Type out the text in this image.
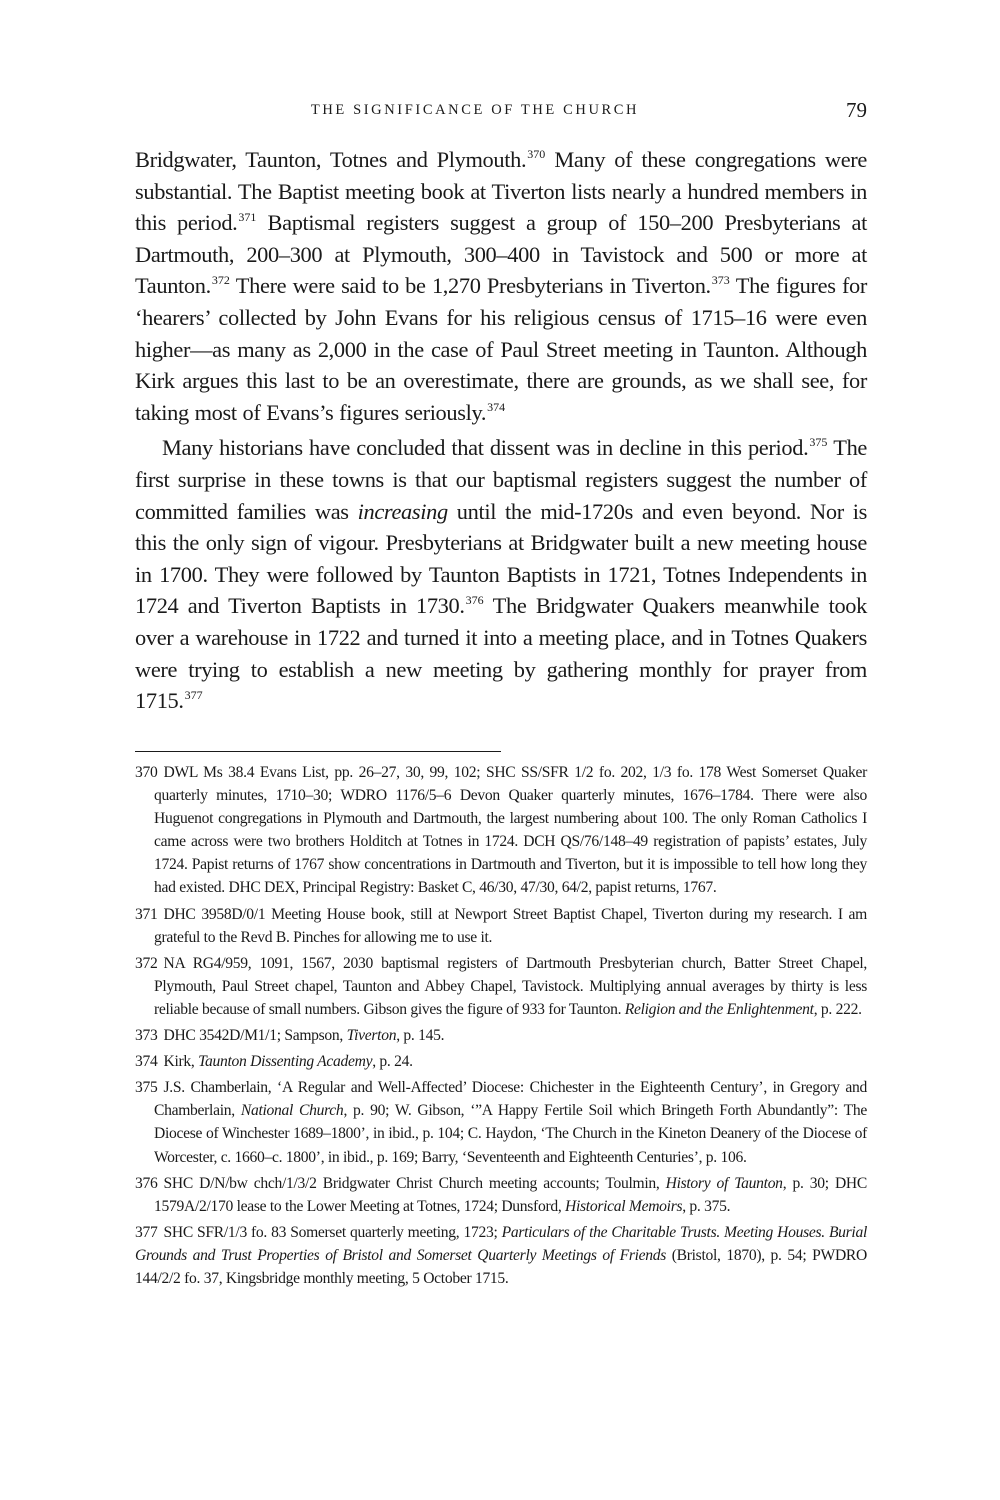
THE SIGNIFICANCE OF THE CHURCH	79

Bridgwater, Taunton, Totnes and Plymouth.$^{370}$ Many of these congregations were substantial. The Baptist meeting book at Tiverton lists nearly a hundred members in this period.$^{371}$ Baptismal registers suggest a group of 150–200 Presbyterians at Dartmouth, 200–300 at Plymouth, 300–400 in Tavistock and 500 or more at Taunton.$^{372}$ There were said to be 1,270 Presbyterians in Tiverton.$^{373}$ The figures for ‘hearers’ collected by John Evans for his religious census of 1715–16 were even higher—as many as 2,000 in the case of Paul Street meeting in Taunton. Although Kirk argues this last to be an overestimate, there are grounds, as we shall see, for taking most of Evans’s figures seriously.$^{374}$

Many historians have concluded that dissent was in decline in this period.$^{375}$ The first surprise in these towns is that our baptismal registers suggest the number of committed families was increasing until the mid-1720s and even beyond. Nor is this the only sign of vigour. Presbyterians at Bridgwater built a new meeting house in 1700. They were followed by Taunton Baptists in 1721, Totnes Independents in 1724 and Tiverton Baptists in 1730.$^{376}$ The Bridgwater Quakers meanwhile took over a warehouse in 1722 and turned it into a meeting place, and in Totnes Quakers were trying to establish a new meeting by gathering monthly for prayer from 1715.$^{377}$

370 DWL Ms 38.4 Evans List, pp. 26–27, 30, 99, 102; SHC SS/SFR 1/2 fo. 202, 1/3 fo. 178 West Somerset Quaker quarterly minutes, 1710–30; WDRO 1176/5–6 Devon Quaker quarterly minutes, 1676–1784. There were also Huguenot congregations in Plymouth and Dartmouth, the largest numbering about 100. The only Roman Catholics I came across were two brothers Holditch at Totnes in 1724. DCH QS/76/148–49 registration of papists’ estates, July 1724. Papist returns of 1767 show concentrations in Dartmouth and Tiverton, but it is impossible to tell how long they had existed. DHC DEX, Principal Registry: Basket C, 46/30, 47/30, 64/2, papist returns, 1767.
371 DHC 3958D/0/1 Meeting House book, still at Newport Street Baptist Chapel, Tiverton during my research. I am grateful to the Revd B. Pinches for allowing me to use it.
372 NA RG4/959, 1091, 1567, 2030 baptismal registers of Dartmouth Presbyterian church, Batter Street Chapel, Plymouth, Paul Street chapel, Taunton and Abbey Chapel, Tavistock. Multiplying annual averages by thirty is less reliable because of small numbers. Gibson gives the figure of 933 for Taunton. Religion and the Enlightenment, p. 222.
373 DHC 3542D/M1/1; Sampson, Tiverton, p. 145.
374 Kirk, Taunton Dissenting Academy, p. 24.
375 J.S. Chamberlain, ‘A Regular and Well-Affected’ Diocese: Chichester in the Eighteenth Century’, in Gregory and Chamberlain, National Church, p. 90; W. Gibson, ‘”A Happy Fertile Soil which Bringeth Forth Abundantly”: The Diocese of Winchester 1689–1800’, in ibid., p. 104; C. Haydon, ‘The Church in the Kineton Deanery of the Diocese of Worcester, c. 1660–c. 1800’, in ibid., p. 169; Barry, ‘Seventeenth and Eighteenth Centuries’, p. 106.
376 SHC D/N/bw chch/1/3/2 Bridgwater Christ Church meeting accounts; Toulmin, History of Taunton, p. 30; DHC 1579A/2/170 lease to the Lower Meeting at Totnes, 1724; Dunsford, Historical Memoirs, p. 375.
377 SHC SFR/1/3 fo. 83 Somerset quarterly meeting, 1723; Particulars of the Charitable Trusts. Meeting Houses. Burial Grounds and Trust Properties of Bristol and Somerset Quarterly Meetings of Friends (Bristol, 1870), p. 54; PWDRO 144/2/2 fo. 37, Kingsbridge monthly meeting, 5 October 1715.
